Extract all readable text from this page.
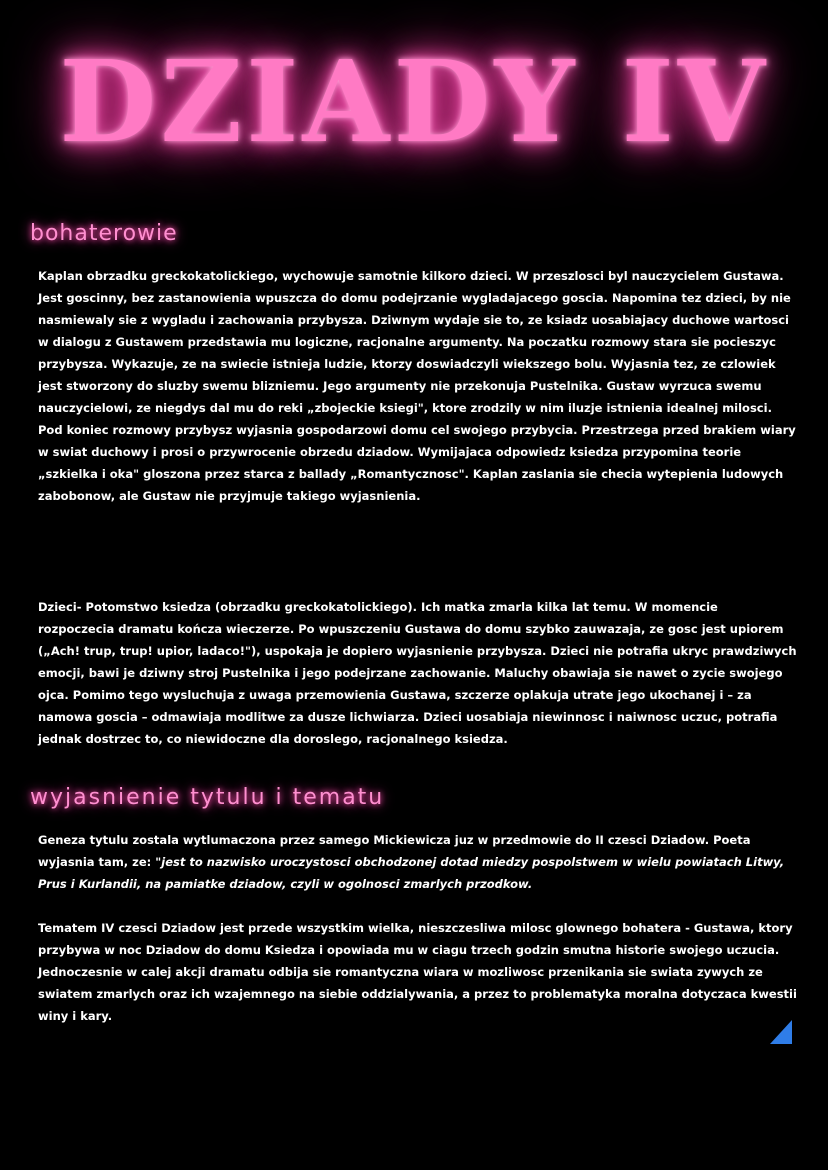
DZIADY IV
bohaterowie

Kaplan obrzadku greckokatolickiego, wychowuje samotnie kilkoro dzieci. W przeszlosci byl nauczycielem Gustawa. Jest goscinny, bez zastanowienia wpuszcza do domu podejrzanie wygladajacego goscia. Napomina tez dzieci, by nie nasmiewaly sie z wygladu i zachowania przybysza. Dziwnym wydaje sie to, ze ksiadz uosabiajacy duchowe wartosci w dialogu z Gustawem przedstawia mu logiczne, racjonalne argumenty. Na poczatku rozmowy stara sie pocieszyc przybysza. Wykazuje, ze na swiecie istnieja ludzie, ktorzy doswiadczyli wiekszego bolu. Wyjasnia tez, ze czlowiek jest stworzony do sluzby swemu blizniemu. Jego argumenty nie przekonuja Pustelnika. Gustaw wyrzuca swemu nauczycielowi, ze niegdys dal mu do reki „zbojeckie ksiegi", ktore zrodzily w nim iluzje istnienia idealnej milosci. Pod koniec rozmowy przybysz wyjasnia gospodarzowi domu cel swojego przybycia. Przestrzega przed brakiem wiary w swiat duchowy i prosi o przywrocenie obrzedu dziadow. Wymijajaca odpowiedz ksiedza przypomina teorie „szkielka i oka" gloszona przez starca z ballady „Romantycznosc". Kaplan zaslania sie checia wytepienia ludowych zabobonow, ale Gustaw nie przyjmuje takiego wyjasnienia.

Dzieci- Potomstwo ksiedza (obrzadku greckokatolickiego). Ich matka zmarla kilka lat temu. W momencie rozpoczecia dramatu kończa wieczerze. Po wpuszczeniu Gustawa do domu szybko zauwazaja, ze gosc jest upiorem („Ach! trup, trup! upior, ladaco!"), uspokaja je dopiero wyjasnienie przybysza. Dzieci nie potrafia ukryc prawdziwych emocji, bawi je dziwny stroj Pustelnika i jego podejrzane zachowanie. Maluchy obawiaja sie nawet o zycie swojego ojca. Pomimo tego wysluchuja z uwaga przemowienia Gustawa, szczerze oplakuja utrate jego ukochanej i – za namowa goscia – odmawiaja modlitwe za dusze lichwiarza. Dzieci uosabiaja niewinnosc i naiwnosc uczuc, potrafia jednak dostrzec to, co niewidoczne dla doroslego, racjonalnego ksiedza.

wyjasnienie tytulu i tematu

Geneza tytulu zostala wytlumaczona przez samego Mickiewicza juz w przedmowie do II czesci Dziadow. Poeta wyjasnia tam, ze: "jest to nazwisko uroczystosci obchodzonej dotad miedzy pospolstwem w wielu powiatach Litwy, Prus i Kurlandii, na pamiatke dziadow, czyli w ogolnosci zmarlych przodkow.

Tematem IV czesci Dziadow jest przede wszystkim wielka, nieszczesliwa milosc glownego bohatera - Gustawa, ktory przybywa w noc Dziadow do domu Ksiedza i opowiada mu w ciagu trzech godzin smutna historie swojego uczucia. Jednoczesnie w calej akcji dramatu odbija sie romantyczna wiara w mozliwosc przenikania sie swiata zywych ze swiatem zmarlych oraz ich wzajemnego na siebie oddzialywania, a przez to problematyka moralna dotyczaca kwestii winy i kary.
